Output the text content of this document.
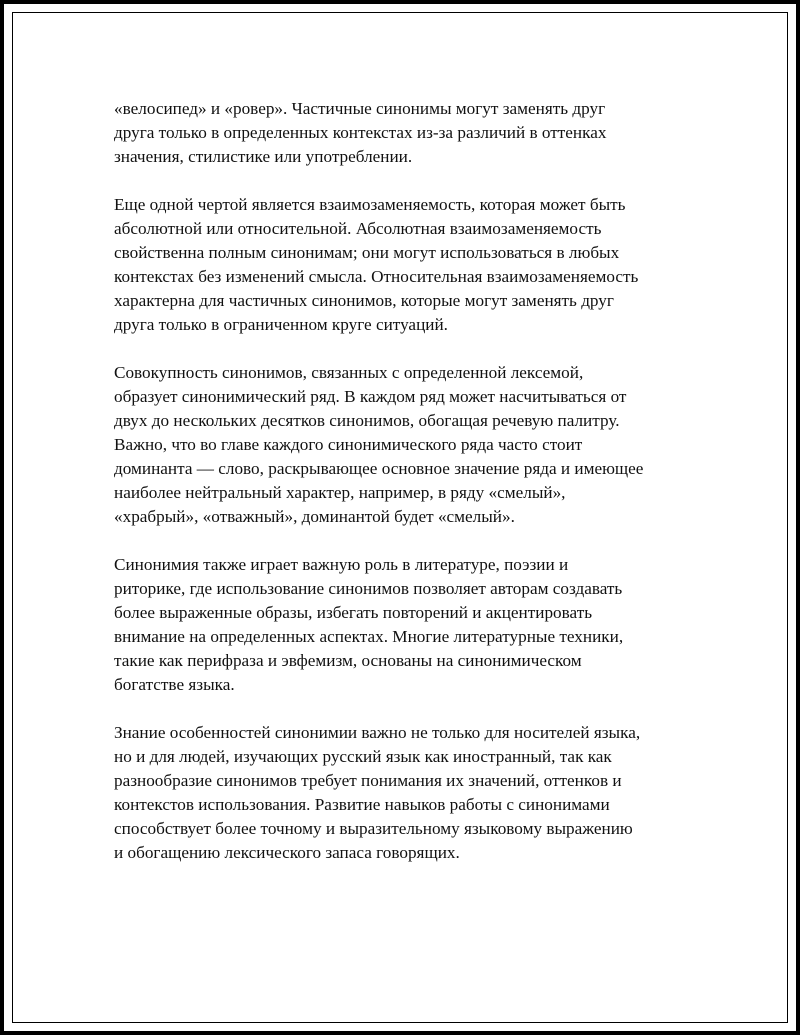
«велосипед» и «ровер». Частичные синонимы могут заменять друг
друга только в определенных контекстах из-за различий в оттенках
значения, стилистике или употреблении.

Еще одной чертой является взаимозаменяемость, которая может быть
абсолютной или относительной. Абсолютная взаимозаменяемость
свойственна полным синонимам; они могут использоваться в любых
контекстах без изменений смысла. Относительная взаимозаменяемость
характерна для частичных синонимов, которые могут заменять друг
друга только в ограниченном круге ситуаций.

Совокупность синонимов, связанных с определенной лексемой,
образует синонимический ряд. В каждом ряд может насчитываться от
двух до нескольких десятков синонимов, обогащая речевую палитру.
Важно, что во главе каждого синонимического ряда часто стоит
доминанта — слово, раскрывающее основное значение ряда и имеющее
наиболее нейтральный характер, например, в ряду «смелый»,
«храбрый», «отважный», доминантой будет «смелый».

Синонимия также играет важную роль в литературе, поэзии и
риторике, где использование синонимов позволяет авторам создавать
более выраженные образы, избегать повторений и акцентировать
внимание на определенных аспектах. Многие литературные техники,
такие как перифраза и эвфемизм, основаны на синонимическом
богатстве языка.

Знание особенностей синонимии важно не только для носителей языка,
но и для людей, изучающих русский язык как иностранный, так как
разнообразие синонимов требует понимания их значений, оттенков и
контекстов использования. Развитие навыков работы с синонимами
способствует более точному и выразительному языковому выражению
и обогащению лексического запаса говорящих.
